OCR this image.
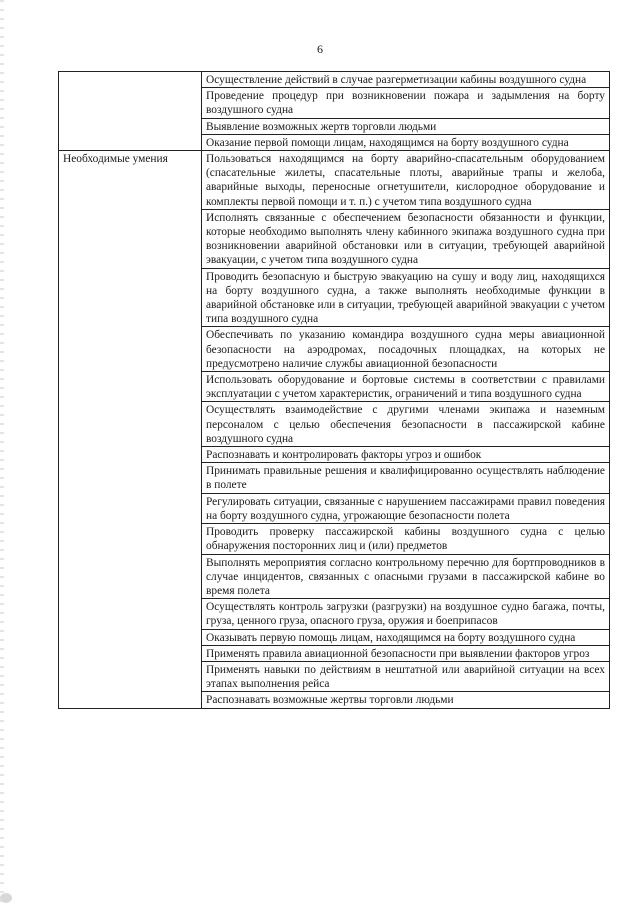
6
	Осуществление действий в случае разгерметизации кабины воздушного судна
	Проведение процедур при возникновении пожара и задымления на борту воздушного судна
	Выявление возможных жертв торговли людьми
	Оказание первой помощи лицам, находящимся на борту воздушного судна
Необходимые умения	Пользоваться находящимся на борту аварийно-спасательным оборудованием (спасательные жилеты, спасательные плоты, аварийные трапы и желоба, аварийные выходы, переносные огнетушители, кислородное оборудование и комплекты первой помощи и т. п.) с учетом типа воздушного судна
	Исполнять связанные с обеспечением безопасности обязанности и функции, которые необходимо выполнять члену кабинного экипажа воздушного судна при возникновении аварийной обстановки или в ситуации, требующей аварийной эвакуации, с учетом типа воздушного судна
	Проводить безопасную и быструю эвакуацию на сушу и воду лиц, находящихся на борту воздушного судна, а также выполнять необходимые функции в аварийной обстановке или в ситуации, требующей аварийной эвакуации с учетом типа воздушного судна
	Обеспечивать по указанию командира воздушного судна меры авиационной безопасности на аэродромах, посадочных площадках, на которых не предусмотрено наличие службы авиационной безопасности
	Использовать оборудование и бортовые системы в соответствии с правилами эксплуатации с учетом характеристик, ограничений и типа воздушного судна
	Осуществлять взаимодействие с другими членами экипажа и наземным персоналом с целью обеспечения безопасности в пассажирской кабине воздушного судна
	Распознавать и контролировать факторы угроз и ошибок
	Принимать правильные решения и квалифицированно осуществлять наблюдение в полете
	Регулировать ситуации, связанные с нарушением пассажирами правил поведения на борту воздушного судна, угрожающие безопасности полета
	Проводить проверку пассажирской кабины воздушного судна с целью обнаружения посторонних лиц и (или) предметов
	Выполнять мероприятия согласно контрольному перечню для бортпроводников в случае инцидентов, связанных с опасными грузами в пассажирской кабине во время полета
	Осуществлять контроль загрузки (разгрузки) на воздушное судно багажа, почты, груза, ценного груза, опасного груза, оружия и боеприпасов
	Оказывать первую помощь лицам, находящимся на борту воздушного судна
	Применять правила авиационной безопасности при выявлении факторов угроз
	Применять навыки по действиям в нештатной или аварийной ситуации на всех этапах выполнения рейса
	Распознавать возможные жертвы торговли людьми
